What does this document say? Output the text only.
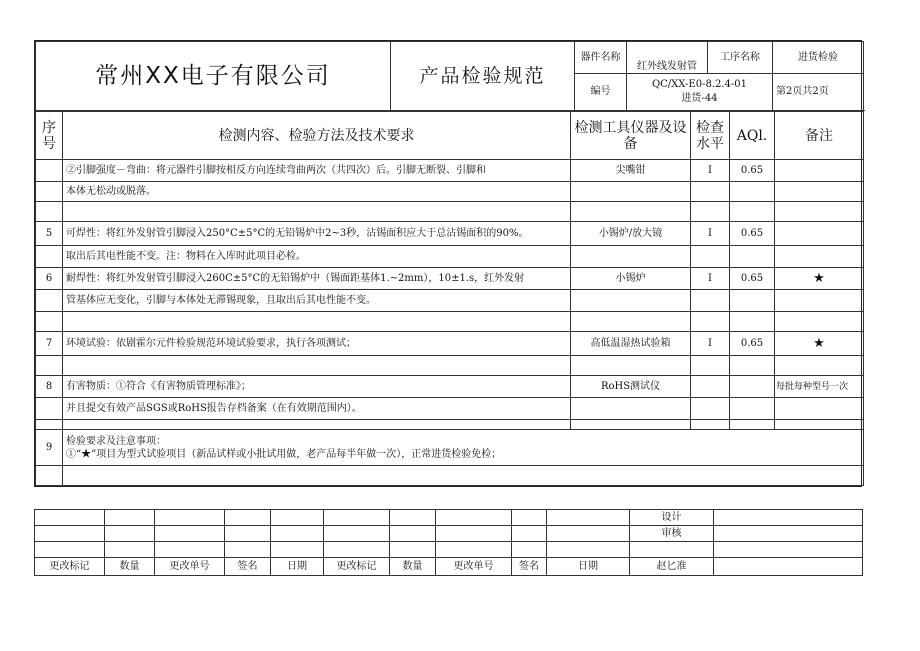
常州XX电子有限公司	产品检验规范	器件名称	红外线发射管	工序名称	进货检验
		编号	QC/XX-E0-8.2.4-01
进货-44		第2页共2页
序号	检测内容、检验方法及技术要求	检测工具仪器及设备	检查水平	AQl.	备注
	②引脚强度－弯曲：将元器件引脚按相反方向连续弯曲两次（共四次）后。引脚无断裂、引脚和	尖嘴钳	I	0.65	
	本体无松动或脱落。				

5	可焊性：将红外发射管引脚浸入250°C±5°C的无铅锡炉中2~3秒，沾锡面积应大于总沾锡面积的90%。	小锡炉/放大镜	I	0.65	
	取出后其电性能不变。注：物料在入库时此项目必检。				
6	耐焊性：将红外发射管引脚浸入260C±5°C的无铅锡炉中（锡面距基体1.~2mm），10±1.s，红外发射	小锡炉	I	0.65	★
	管基体应无变化，引脚与本体处无滞锡现象，且取出后其电性能不变。				

7	环境试验：依剧霍尔元件检验规范环境试验要求，执行各项测试；	高低温湿热试验箱	I	0.65	★

8	有害物质：①符合《有害物质管理标准》；	RoHS测试仪			每批每种型号一次
	并且提交有效产品SGS或RoHS报告存档备案（在有效期范围内）。				

9	检验要求及注意事项：
①“★”项目为型式试验项目（新品试样或小批试用做，老产品每半年做一次），正常进货检验免检；				

										设计	
										审核	

更改标记	数量	更改单号	签名	日期	更改标记	数量	更改单号	签名	日期	赵匕准	
